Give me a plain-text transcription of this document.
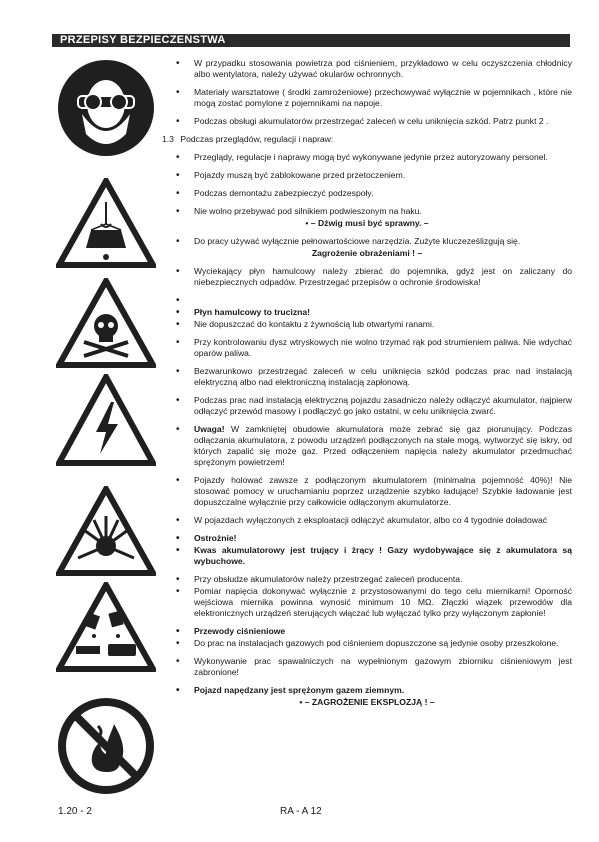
PRZEPISY BEZPIECZEŃSTWA

• W przypadku stosowania powietrza pod ciśnieniem, przykładowo w celu oczyszczenia chłodnicy albo wentylatora, należy używać okularów ochronnych.

• Materiały warsztatowe ( środki zamrożeniowe) przechowywać wyłącznie w pojemnikach , które nie mogą zostać pomylone z pojemnikami na napoje.

• Podczas obsługi akumulatorów przestrzegać zaleceń w celu uniknięcia szkód. Patrz punkt 2 .

1.3 Podczas przeglądów, regulacji i napraw:

• Przeglądy, regulacje i naprawy mogą być wykonywane jedynie przez autoryzowany personel.

• Pojazdy muszą być zablokowane przed przetoczeniem.

• Podczas demontażu zabezpieczyć podzespoły.

• Nie wolno przebywać pod silnikiem podwieszonym na haku.

• – Dźwig musi być sprawny. –

• Do pracy używać wyłącznie pełnowartościowe narzędzia. Zużyte kluczeześlizgują się.

Zagrożenie obrażeniami ! –

• Wyciekający płyn hamulcowy należy zbierać do pojemnika, gdyż jest on zaliczany do niebezpiecznych odpadów. Przestrzegać przepisów o ochronie środowiska!

•

• Płyn hamulcowy to trucizna!

• Nie dopuszczać do kontaktu z żywnością lub otwartymi ranami.

• Przy kontrolowaniu dysz wtryskowych nie wolno trzymać rąk pod strumieniem paliwa. Nie wdychać oparów paliwa.

• Bezwarunkowo przestrzegać zaleceń w celu uniknięcia szkód podczas prac nad instalacją elektryczną albo nad elektroniczną instalacją zapłonową.

• Podczas prac nad instalacją elektryczną pojazdu zasadniczo należy odłączyć akumulator, najpierw odłączyć przewód masowy i podłączyć go jako ostatni, w celu uniknięcia zwarć.

• Uwaga! W zamkniętej obudowie akumulatora może zebrać się gaz piorunujący. Podczas odłączania akumulatora, z powodu urządzeń podłączonych na stałe mogą, wytworzyć się iskry, od których zapalić się może gaz. Przed odłączeniem napięcia należy akumulator przedmuchać sprężonym powietrzem!

• Pojazdy holować zawsze z podłączonym akumulatorem (minimalna pojemność 40%)! Nie stosować pomocy w uruchamianiu poprzez urządzenie szybko ładujące! Szybkie ładowanie jest dopuszczalne wyłącznie przy całkowicie odłączonym akumulatorze.

• W pojazdach wyłączonych z eksploatacji odłączyć akumulator, albo co 4 tygodnie doładować

• Ostrożnie!

• Kwas akumulatorowy jest trujący i żrący ! Gazy wydobywające się z akumulatora są wybuchowe.

• Przy obsłudze akumulatorów należy przestrzegać zaleceń producenta.

• Pomiar napięcia dokonywać wyłącznie z przystosowanymi do tego celu miernikami! Oporność wejściowa miernika powinna wynosić minimum 10 MΩ. Złączki wiązek przewodów dla elektronicznych urządzeń sterujących włączać lub wyłączać tylko przy wyłączonym zapłonie!

• Przewody ciśnieniowe

• Do prac na instalacjach gazowych pod ciśnieniem dopuszczone są jedynie osoby przeszkolone.

• Wykonywanie prac spawalniczych na wypełnionym gazowym zbiorniku ciśnieniowym jest zabronione!

• Pojazd napędzany jest sprężonym gazem ziemnym.

• – ZAGROŻENIE EKSPLOZJĄ ! –

1.20 - 2	RA - A 12
